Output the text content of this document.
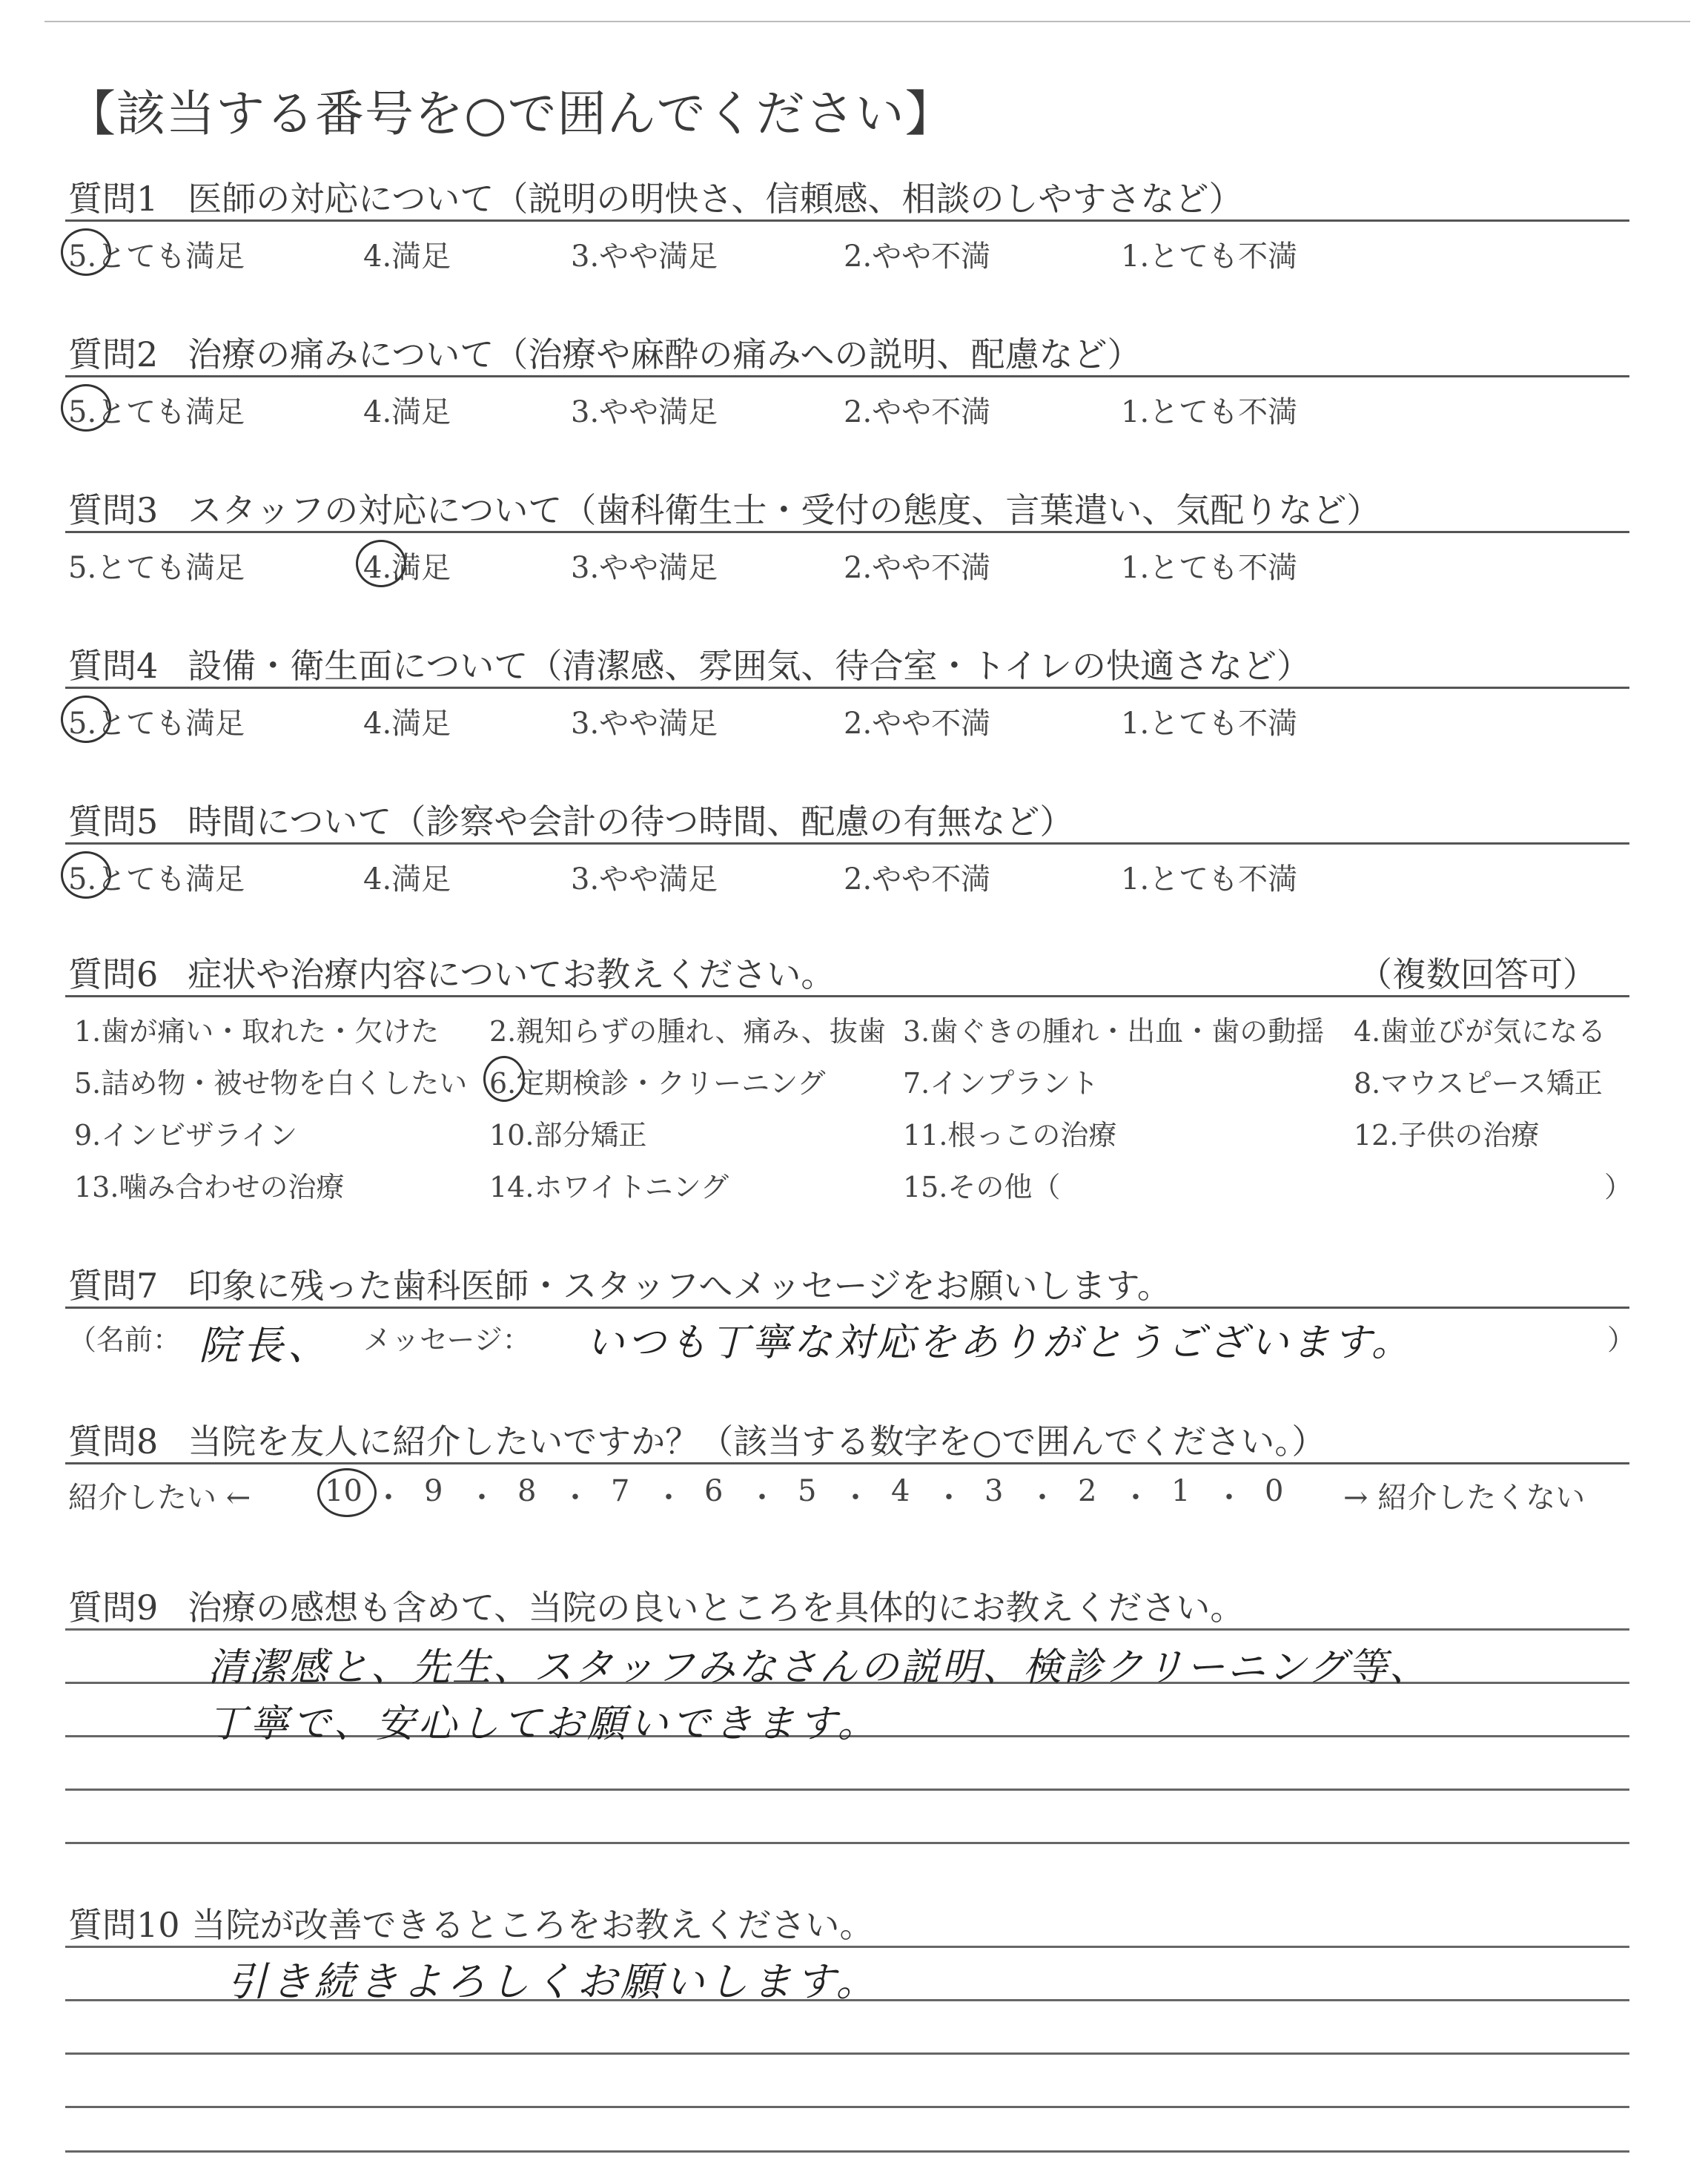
【該当する番号を○で囲んでください】
質問1 医師の対応について（説明の明快さ、信頼感、相談のしやすさなど）
5.とても満足	4.満足	3.やや満足	2.やや不満	1.とても不満
質問2 治療の痛みについて（治療や麻酔の痛みへの説明、配慮など）
5.とても満足	4.満足	3.やや満足	2.やや不満	1.とても不満
質問3 スタッフの対応について（歯科衛生士・受付の態度、言葉遣い、気配りなど）
5.とても満足	4.満足	3.やや満足	2.やや不満	1.とても不満
質問4 設備・衛生面について（清潔感、雰囲気、待合室・トイレの快適さなど）
5.とても満足	4.満足	3.やや満足	2.やや不満	1.とても不満
質問5 時間について（診察や会計の待つ時間、配慮の有無など）
5.とても満足	4.満足	3.やや満足	2.やや不満	1.とても不満
質問6 症状や治療内容についてお教えください。	（複数回答可）
1.歯が痛い・取れた・欠けた 2.親知らずの腫れ、痛み、抜歯 3.歯ぐきの腫れ・出血・歯の動揺 4.歯並びが気になる
5.詰め物・被せ物を白くしたい 6.定期検診・クリーニング	7.インプラント	8.マウスピース矯正
9.インビザライン	10.部分矯正	11.根っこの治療	12.子供の治療
13.噛み合わせの治療	14.ホワイトニング	15.その他（	）
質問7 印象に残った歯科医師・スタッフへメッセージをお願いします。
（名前： 院長、 メッセージ： いつも丁寧な対応をありがとうございます。	）
質問8 当院を友人に紹介したいですか？（該当する数字を○で囲んでください。）
紹介したい ← 10 ・ 9 ・ 8 ・ 7 ・ 6 ・ 5 ・ 4 ・ 3 ・ 2 ・ 1 ・ 0 → 紹介したくない
質問9 治療の感想も含めて、当院の良いところを具体的にお教えください。
清潔感と、先生、スタッフみなさんの説明、検診クリーニング等、
丁寧で、安心してお願いできます。
質問10 当院が改善できるところをお教えください。
引き続きよろしくお願いします。
